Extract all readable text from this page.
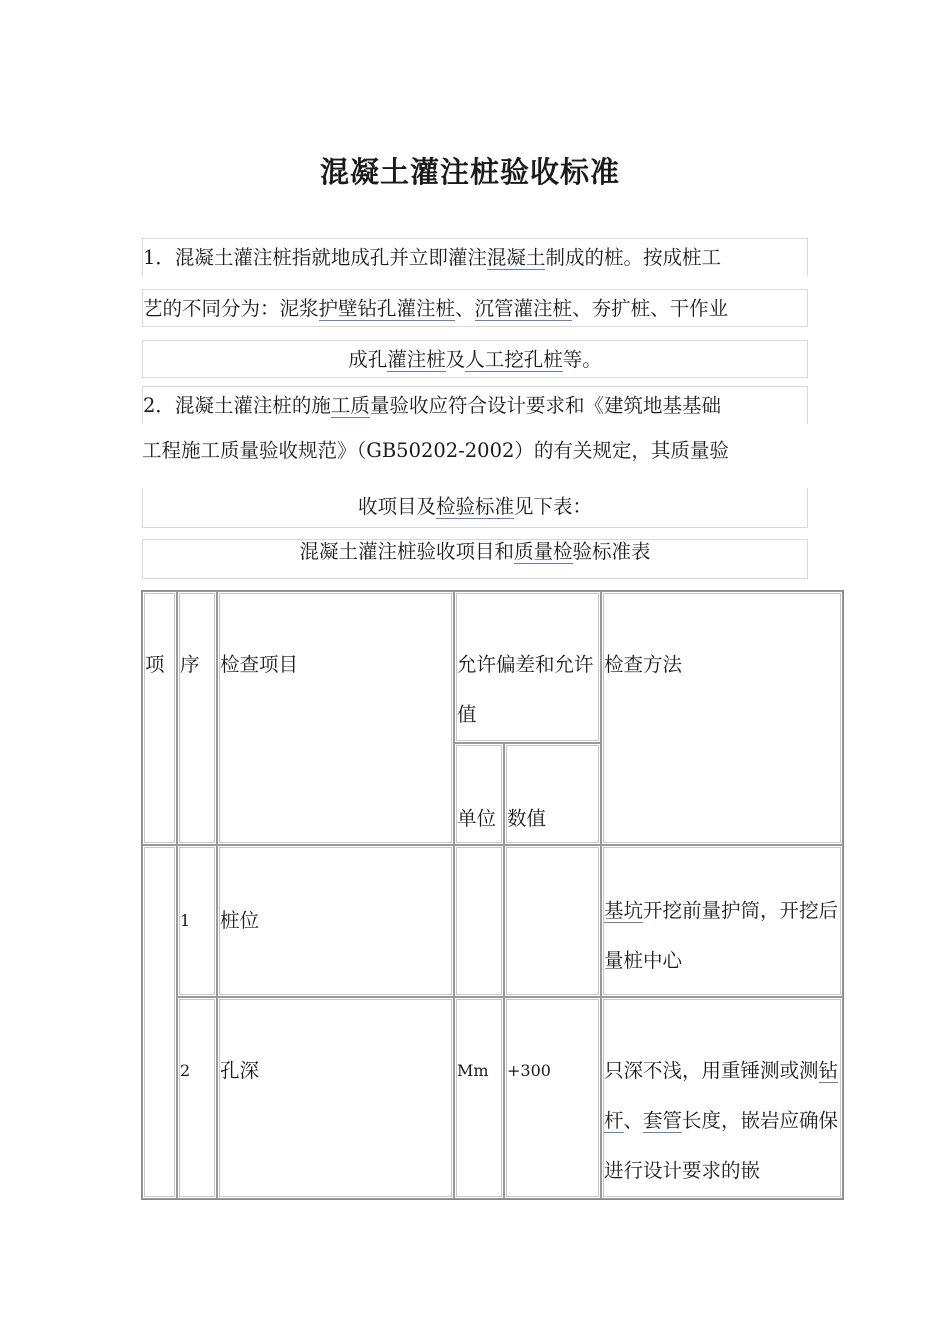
混凝土灌注桩验收标准
1．混凝土灌注桩指就地成孔并立即灌注混凝土制成的桩。按成桩工
艺的不同分为：泥浆护壁钻孔灌注桩、沉管灌注桩、夯扩桩、干作业
成孔灌注桩及人工挖孔桩等。
2．混凝土灌注桩的施工质量验收应符合设计要求和《建筑地基基础
工程施工质量验收规范》（GB50202-2002）的有关规定，其质量验
收项目及检验标准见下表：
混凝土灌注桩验收项目和质量检验标准表
项	序	检查项目	允许偏差和允许值		检查方法
			单位	数值	
	1	桩位			基坑开挖前量护筒，开挖后量桩中心
	2	孔深	Mm	+300	只深不浅，用重锤测或测钻杆、套管长度，嵌岩应确保进行设计要求的嵌
